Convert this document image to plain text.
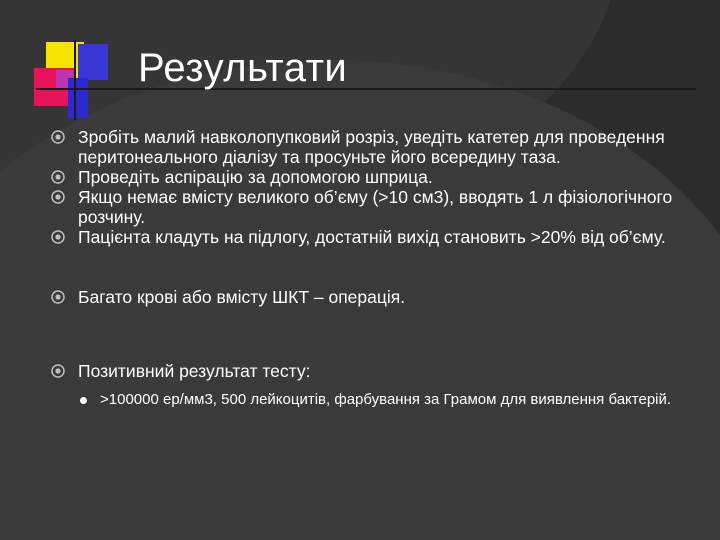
Результати
Зробіть малий навколопупковий розріз, уведіть катетер для проведення перитонеального діалізу та просуньте його всередину таза.
Проведіть аспірацію за допомогою шприца.
Якщо немає вмісту великого об’єму (>10 см3), вводять 1 л фізіологічного розчину.
Пацієнта кладуть на підлогу, достатній вихід становить >20% від об’єму.
Багато крові або вмісту ШКТ – операція.
Позитивний результат тесту:
>100000 ер/мм3, 500 лейкоцитів, фарбування за Грамом для виявлення бактерій.
